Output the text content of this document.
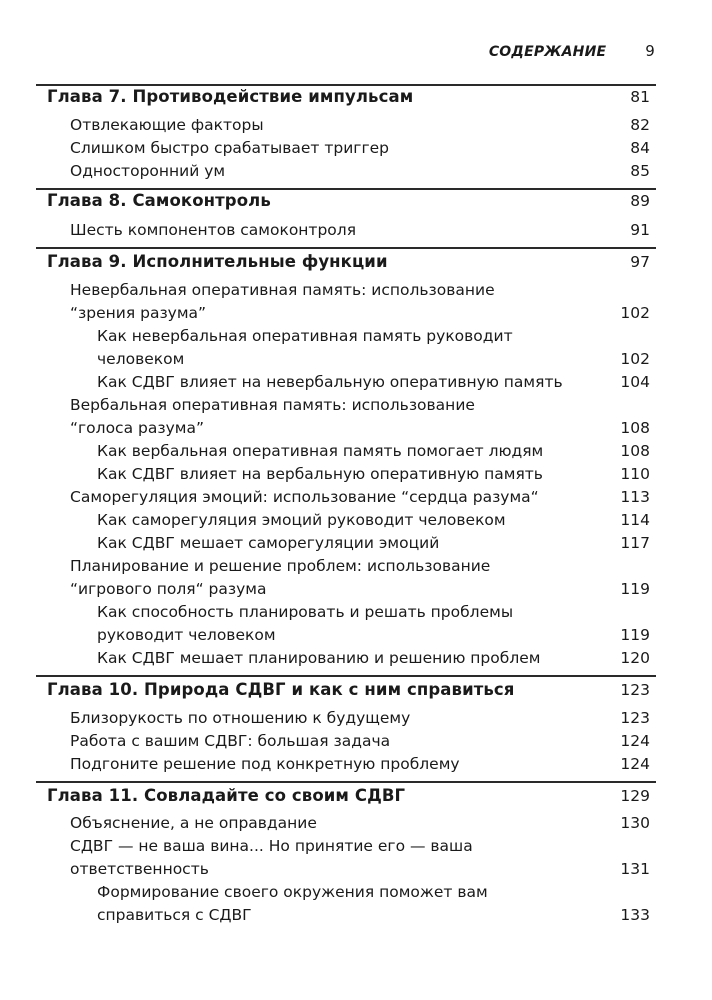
СОДЕРЖАНИЕ	9
Глава 7. Противодействие импульсам	81
Отвлекающие факторы	82
Слишком быстро срабатывает триггер	84
Односторонний ум	85
Глава 8. Самоконтроль	89
Шесть компонентов самоконтроля	91
Глава 9. Исполнительные функции	97
Невербальная оперативная память: использование
“зрения разума”	102
Как невербальная оперативная память руководит
человеком	102
Как СДВГ влияет на невербальную оперативную память	104
Вербальная оперативная память: использование
“голоса разума”	108
Как вербальная оперативная память помогает людям	108
Как СДВГ влияет на вербальную оперативную память	110
Саморегуляция эмоций: использование “сердца разума“	113
Как саморегуляция эмоций руководит человеком	114
Как СДВГ мешает саморегуляции эмоций	117
Планирование и решение проблем: использование
“игрового поля“ разума	119
Как способность планировать и решать проблемы
руководит человеком	119
Как СДВГ мешает планированию и решению проблем	120
Глава 10. Природа СДВГ и как с ним справиться	123
Близорукость по отношению к будущему	123
Работа с вашим СДВГ: большая задача	124
Подгоните решение под конкретную проблему	124
Глава 11. Совладайте со своим СДВГ	129
Объяснение, а не оправдание	130
СДВГ — не ваша вина... Но принятие его — ваша
ответственность	131
Формирование своего окружения поможет вам
справиться с СДВГ	133
